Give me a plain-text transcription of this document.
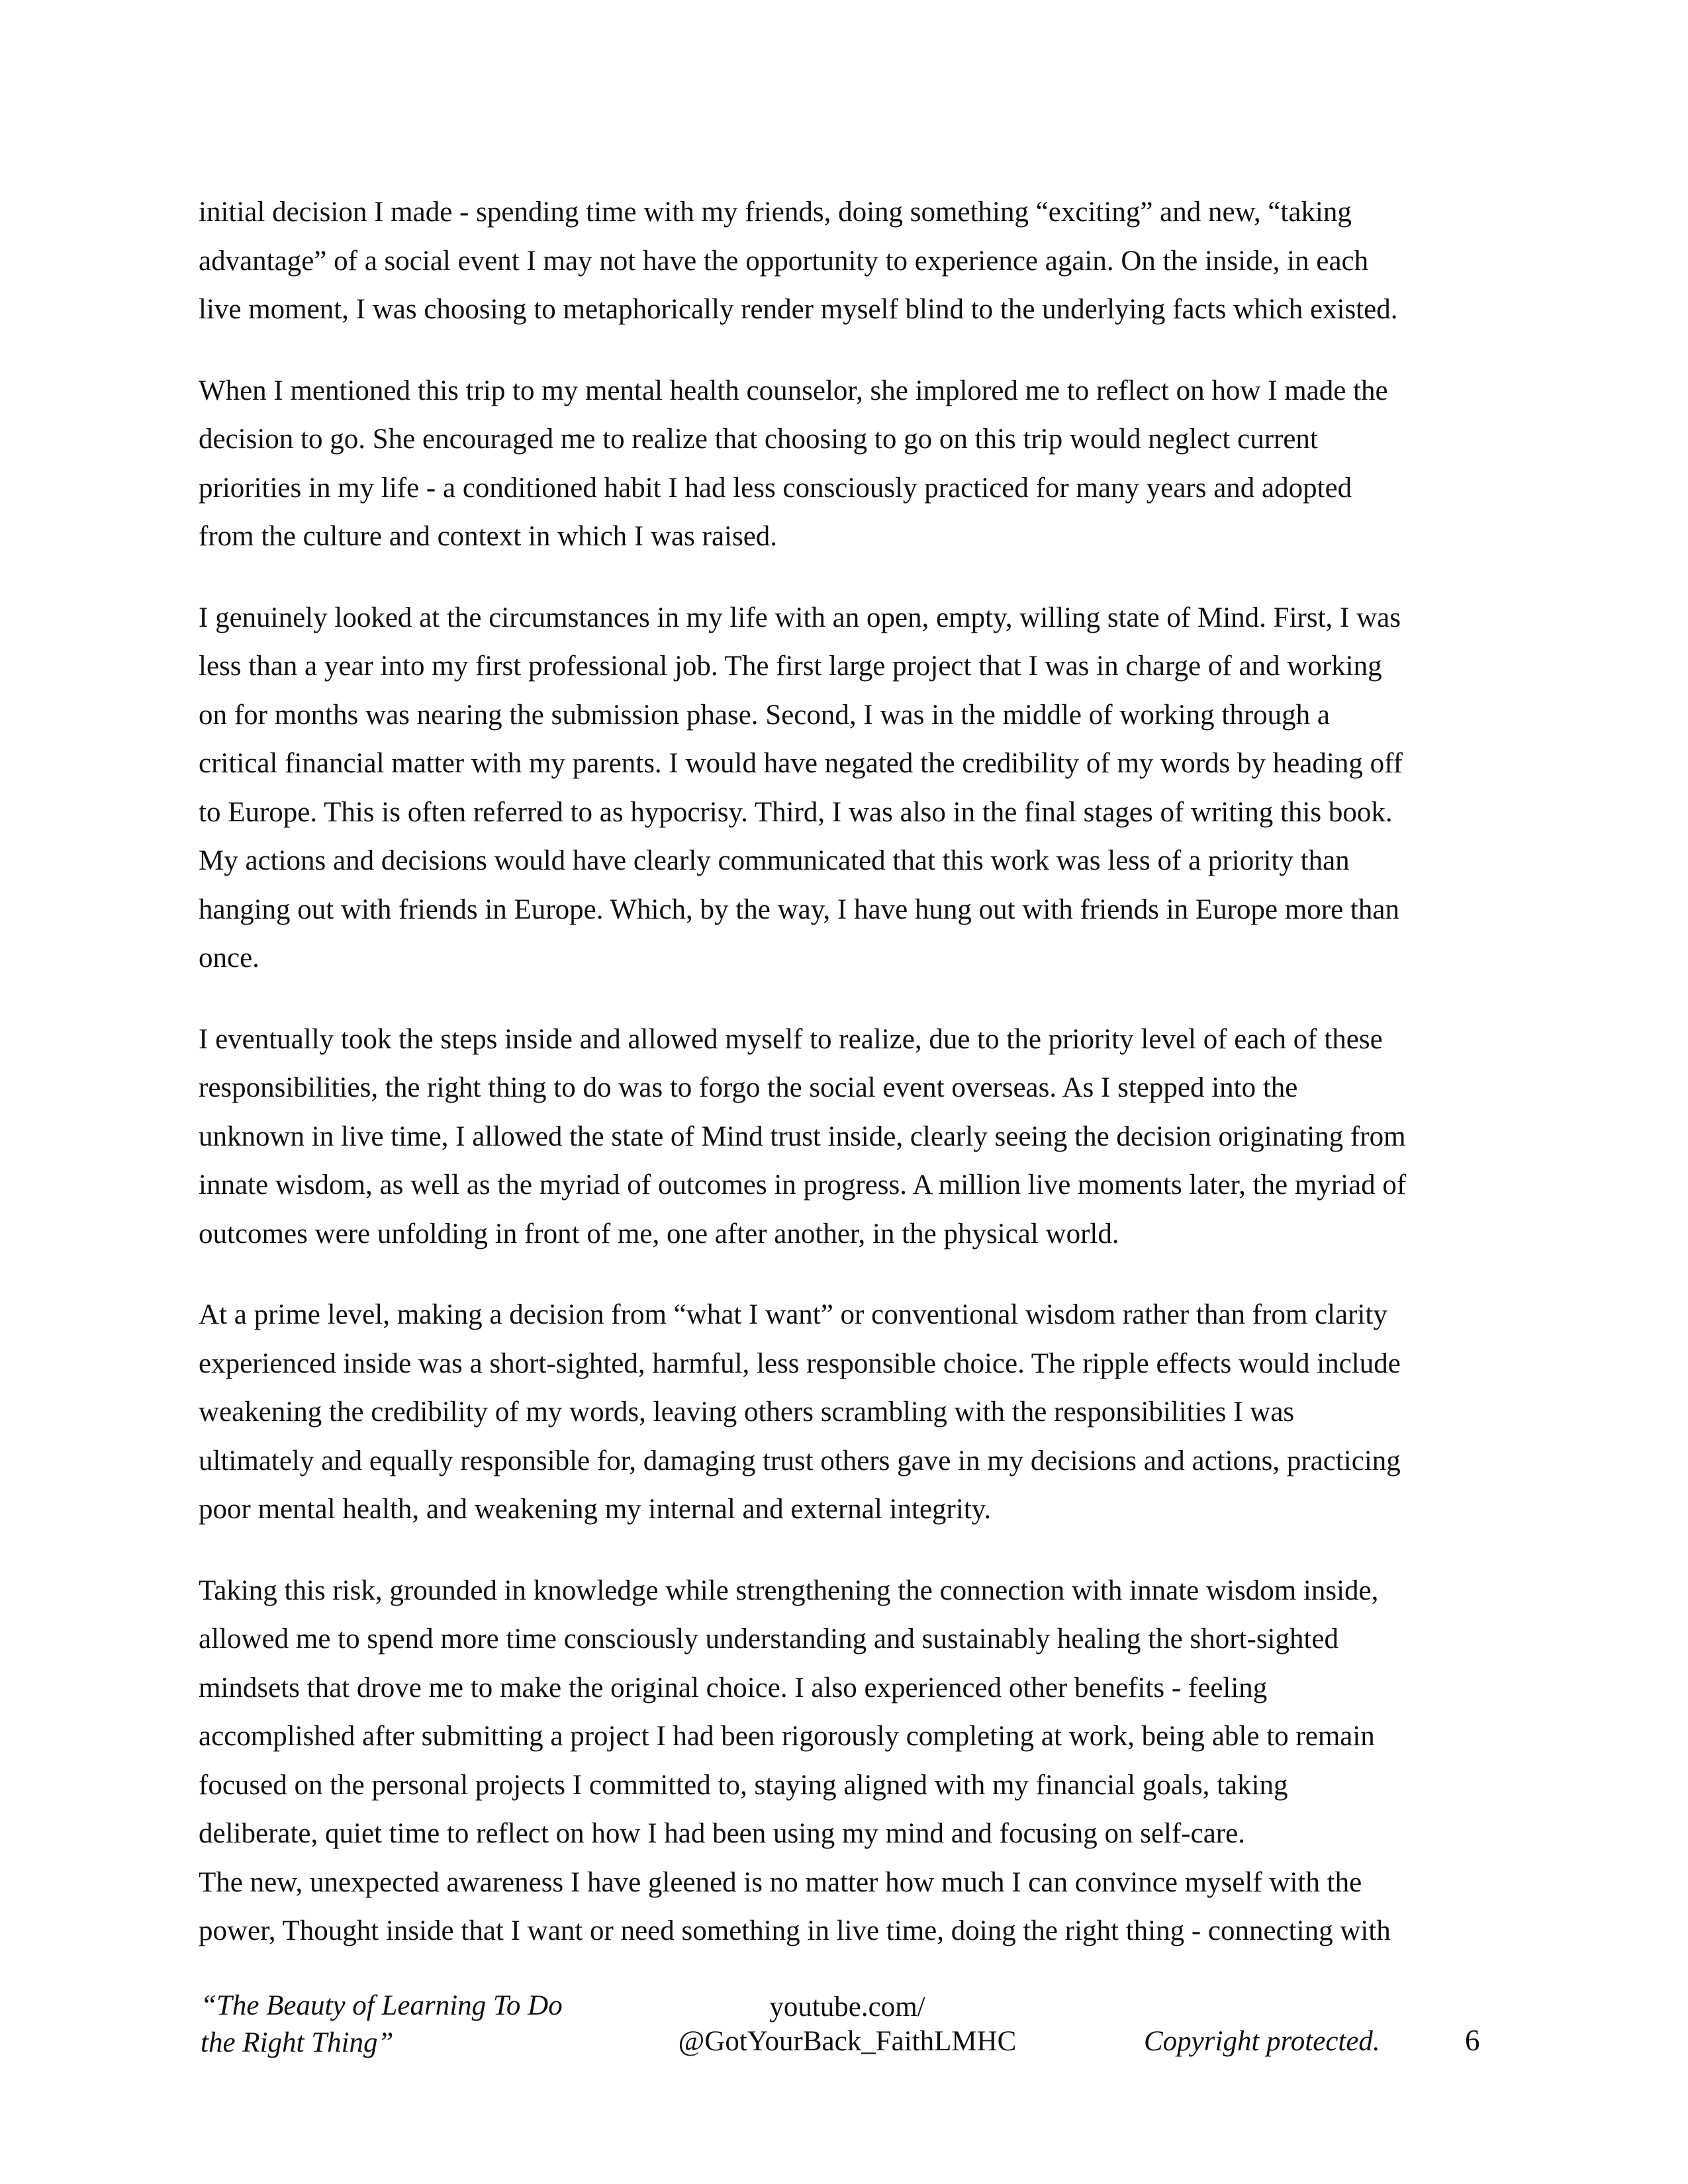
initial decision I made - spending time with my friends, doing something “exciting” and new, “taking
advantage” of a social event I may not have the opportunity to experience again. On the inside, in each
live moment, I was choosing to metaphorically render myself blind to the underlying facts which existed.

When I mentioned this trip to my mental health counselor, she implored me to reflect on how I made the
decision to go. She encouraged me to realize that choosing to go on this trip would neglect current
priorities in my life - a conditioned habit I had less consciously practiced for many years and adopted
from the culture and context in which I was raised.

I genuinely looked at the circumstances in my life with an open, empty, willing state of Mind. First, I was
less than a year into my first professional job. The first large project that I was in charge of and working
on for months was nearing the submission phase. Second, I was in the middle of working through a
critical financial matter with my parents. I would have negated the credibility of my words by heading off
to Europe. This is often referred to as hypocrisy. Third, I was also in the final stages of writing this book.
My actions and decisions would have clearly communicated that this work was less of a priority than
hanging out with friends in Europe. Which, by the way, I have hung out with friends in Europe more than
once.

I eventually took the steps inside and allowed myself to realize, due to the priority level of each of these
responsibilities, the right thing to do was to forgo the social event overseas. As I stepped into the
unknown in live time, I allowed the state of Mind trust inside, clearly seeing the decision originating from
innate wisdom, as well as the myriad of outcomes in progress. A million live moments later, the myriad of
outcomes were unfolding in front of me, one after another, in the physical world.

At a prime level, making a decision from “what I want” or conventional wisdom rather than from clarity
experienced inside was a short-sighted, harmful, less responsible choice. The ripple effects would include
weakening the credibility of my words, leaving others scrambling with the responsibilities I was
ultimately and equally responsible for, damaging trust others gave in my decisions and actions, practicing
poor mental health, and weakening my internal and external integrity.

Taking this risk, grounded in knowledge while strengthening the connection with innate wisdom inside,
allowed me to spend more time consciously understanding and sustainably healing the short-sighted
mindsets that drove me to make the original choice. I also experienced other benefits - feeling
accomplished after submitting a project I had been rigorously completing at work, being able to remain
focused on the personal projects I committed to, staying aligned with my financial goals, taking
deliberate, quiet time to reflect on how I had been using my mind and focusing on self-care.

The new, unexpected awareness I have gleened is no matter how much I can convince myself with the
power, Thought inside that I want or need something in live time, doing the right thing - connecting with

“The Beauty of Learning To Do
the Right Thing”
youtube.com/
@GotYourBack_FaithLMHC	Copyright protected.	6
